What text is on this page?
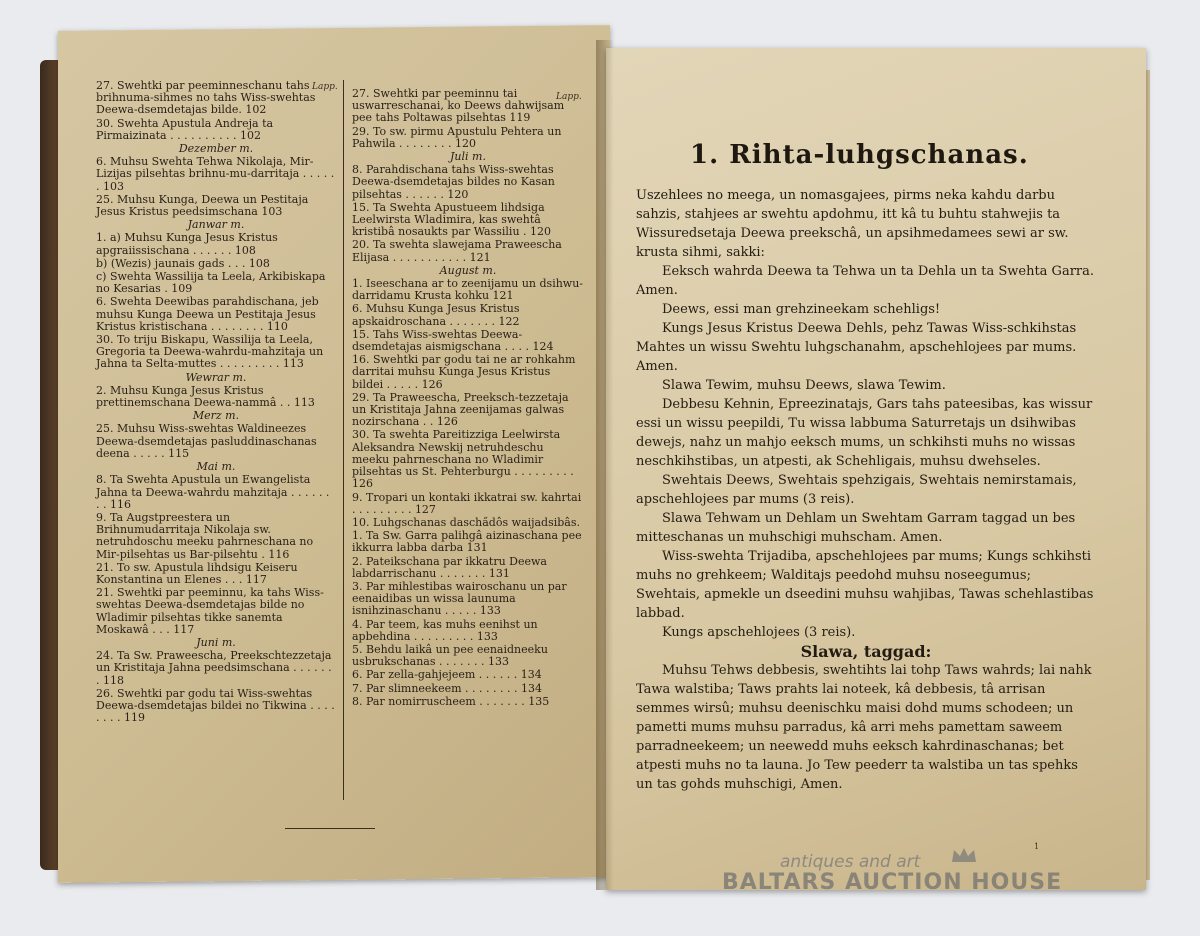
Lapp.
Lapp.
27. Swehtki par peeminneschanu tahs brihnuma-sihmes no tahs Wiss-swehtas Deewa-dsemdetajas bilde. 102
30. Swehta Apustula Andreja ta Pirmaizinata . . . . . . . . . . 102
Dezember m.
6. Muhsu Swehta Tehwa Nikolaja, Mir-Lizijas pilsehtas brihnu-mu-darritaja . . . . . . 103
25. Muhsu Kunga, Deewa un Pestitaja Jesus Kristus peedsimschana 103
Janwar m.
1. a) Muhsu Kunga Jesus Kristus apgraiissischana . . . . . . 108
b) (Wezis) jaunais gads . . . 108
c) Swehta Wassilija ta Leela, Arkibiskapa no Kesarias . 109
6. Swehta Deewibas parahdischana, jeb muhsu Kunga Deewa un Pestitaja Jesus Kristus kristischana . . . . . . . . 110
30. To triju Biskapu, Wassilija ta Leela, Gregoria ta Deewa-wahrdu-mahzitaja un Jahna ta Selta-muttes . . . . . . . . . 113
Wewrar m.
2. Muhsu Kunga Jesus Kristus prettinemschana Deewa-nammâ . . 113
Merz m.
25. Muhsu Wiss-swehtas Waldineezes Deewa-dsemdetajas pasluddinaschanas deena . . . . . 115
Mai m.
8. Ta Swehta Apustula un Ewangelista Jahna ta Deewa-wahrdu mahzitaja . . . . . . . . 116
9. Ta Augstpreestera un Brihnumudarritaja Nikolaja sw. netruhdoschu meeku pahrneschana no Mir-pilsehtas us Bar-pilsehtu . 116
21. To sw. Apustula lihdsigu Keiseru Konstantina un Elenes . . . 117
21. Swehtki par peeminnu, ka tahs Wiss-swehtas Deewa-dsemdetajas bilde no Wladimir pilsehtas tikke sanemta Moskawâ . . . 117
Juni m.
24. Ta Sw. Praweescha, Preekschtezzetaja un Kristitaja Jahna peedsimschana . . . . . . . 118
26. Swehtki par godu tai Wiss-swehtas Deewa-dsemdetajas bildei no Tikwina . . . . . . . . 119
27. Swehtki par peeminnu tai uswarreschanai, ko Deews dahwijsam pee tahs Poltawas pilsehtas 119
29. To sw. pirmu Apustulu Pehtera un Pahwila . . . . . . . . 120
Juli m.
8. Parahdischana tahs Wiss-swehtas Deewa-dsemdetajas bildes no Kasan pilsehtas . . . . . . 120
15. Ta Swehta Apustueem lihdsiga Leelwirsta Wladimira, kas swehtâ kristibâ nosaukts par Wassiliu . 120
20. Ta swehta slawejama Praweescha Elijasa . . . . . . . . . . . 121
August m.
1. Iseeschana ar to zeenijamu un dsihwu-darridamu Krusta kohku 121
6. Muhsu Kunga Jesus Kristus apskaidroschana . . . . . . . 122
15. Tahs Wiss-swehtas Deewa-dsemdetajas aismigschana . . . . 124
16. Swehtki par godu tai ne ar rohkahm darritai muhsu Kunga Jesus Kristus bildei . . . . . 126
29. Ta Praweescha, Preeksch-tezzetaja un Kristitaja Jahna zeenijamas galwas nozirschana . . 126
30. Ta swehta Pareitizziga Leelwirsta Aleksandra Newskij netruhdeschu meeku pahrneschana no Wladimir pilsehtas us St. Pehterburgu . . . . . . . . . 126
9. Tropari un kontaki ikkatrai sw. kahrtai . . . . . . . . . 127
10. Luhgschanas dascha̋dôs waijadsibâs.
1. Ta Sw. Garra palihgâ aizinaschana pee ikkurra labba darba 131
2. Pateikschana par ikkatru Deewa labdarrischanu . . . . . . . 131
3. Par mihlestibas wairoschanu un par eenaidibas un wissa launuma isnihzinaschanu . . . . . 133
4. Par teem, kas muhs eenihst un apbehdina . . . . . . . . . 133
5. Behdu laikâ un pee eenaidneeku usbrukschanas . . . . . . . 133
6. Par zella-gahjejeem . . . . . . 134
7. Par slimneekeem . . . . . . . . 134
8. Par nomirruscheem . . . . . . . 135
1. Rihta-luhgschanas.

Uszehlees no meega, un nomasgajees, pirms neka kahdu darbu sahzis, stahjees ar swehtu apdohmu, itt kâ tu buhtu stahwejis ta Wissuredsetaja Deewa preekschâ, un apsihmedamees sewi ar sw. krusta sihmi, sakki:

Eeksch wahrda Deewa ta Tehwa un ta Dehla un ta Swehta Garra. Amen.

Deews, essi man grehzineekam schehligs!

Kungs Jesus Kristus Deewa Dehls, pehz Tawas Wiss-schkihstas Mahtes un wissu Swehtu luhgschanahm, apschehlojees par mums. Amen.

Slawa Tewim, muhsu Deews, slawa Tewim.

Debbesu Kehnin, Epreezinatajs, Gars tahs pateesibas, kas wissur essi un wissu peepildi, Tu wissa labbuma Saturretajs un dsihwibas dewejs, nahz un mahjo eeksch mums, un schkihsti muhs no wissas neschkihstibas, un atpesti, ak Schehligais, muhsu dwehseles.

Swehtais Deews, Swehtais spehzigais, Swehtais nemirstamais, apschehlojees par mums (3 reis).

Slawa Tehwam un Dehlam un Swehtam Garram taggad un bes mitteschanas un muhschigi muhscham. Amen.

Wiss-swehta Trijadiba, apschehlojees par mums; Kungs schkihsti muhs no grehkeem; Walditajs peedohd muhsu noseegumus; Swehtais, apmekle un dseedini muhsu wahjibas, Tawas schehlastibas labbad.

Kungs apschehlojees (3 reis).

Slawa, taggad:

Muhsu Tehws debbesis, swehtihts lai tohp Taws wahrds; lai nahk Tawa walstiba; Taws prahts lai noteek, kâ debbesis, tâ arrisan semmes wirsû; muhsu deenischku maisi dohd mums schodeen; un pametti mums muhsu parradus, kâ arri mehs pamettam saweem parradneekeem; un neewedd muhs eeksch kahrdinaschanas; bet atpesti muhs no ta launa. Jo Tew peederr ta walstiba un tas spehks un tas gohds muhschigi, Amen.

1
antiques and art
BALTARS AUCTION HOUSE
